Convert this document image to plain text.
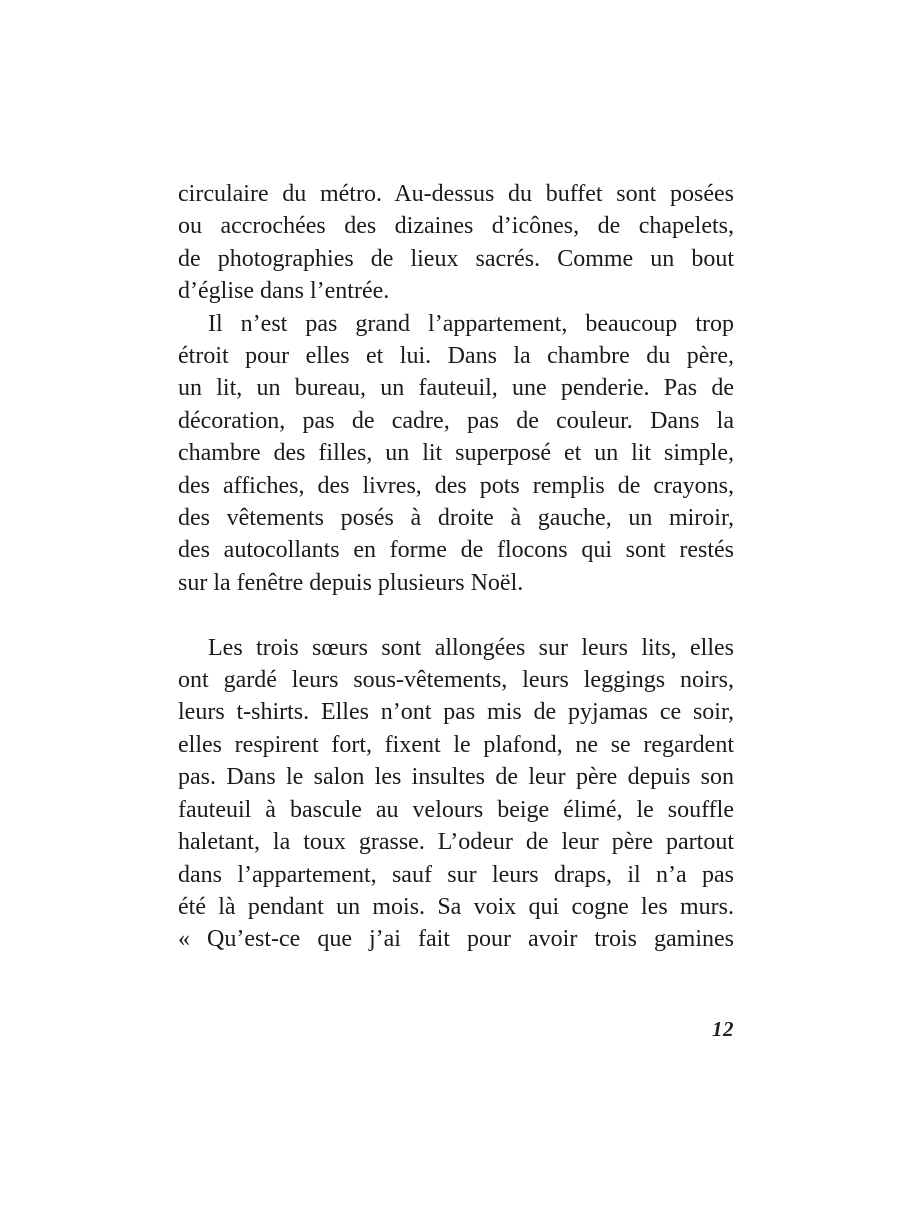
circulaire du métro. Au-dessus du buffet sont posées
ou accrochées des dizaines d’icônes, de chapelets,
de photographies de lieux sacrés. Comme un bout
d’église dans l’entrée.
Il n’est pas grand l’appartement, beaucoup trop
étroit pour elles et lui. Dans la chambre du père,
un lit, un bureau, un fauteuil, une penderie. Pas de
décoration, pas de cadre, pas de couleur. Dans la
chambre des filles, un lit superposé et un lit simple,
des affiches, des livres, des pots remplis de crayons,
des vêtements posés à droite à gauche, un miroir,
des autocollants en forme de flocons qui sont restés
sur la fenêtre depuis plusieurs Noël.
Les trois sœurs sont allongées sur leurs lits, elles
ont gardé leurs sous-vêtements, leurs leggings noirs,
leurs t-shirts. Elles n’ont pas mis de pyjamas ce soir,
elles respirent fort, fixent le plafond, ne se regardent
pas. Dans le salon les insultes de leur père depuis son
fauteuil à bascule au velours beige élimé, le souffle
haletant, la toux grasse. L’odeur de leur père partout
dans l’appartement, sauf sur leurs draps, il n’a pas
été là pendant un mois. Sa voix qui cogne les murs.
« Qu’est-ce que j’ai fait pour avoir trois gamines
12
